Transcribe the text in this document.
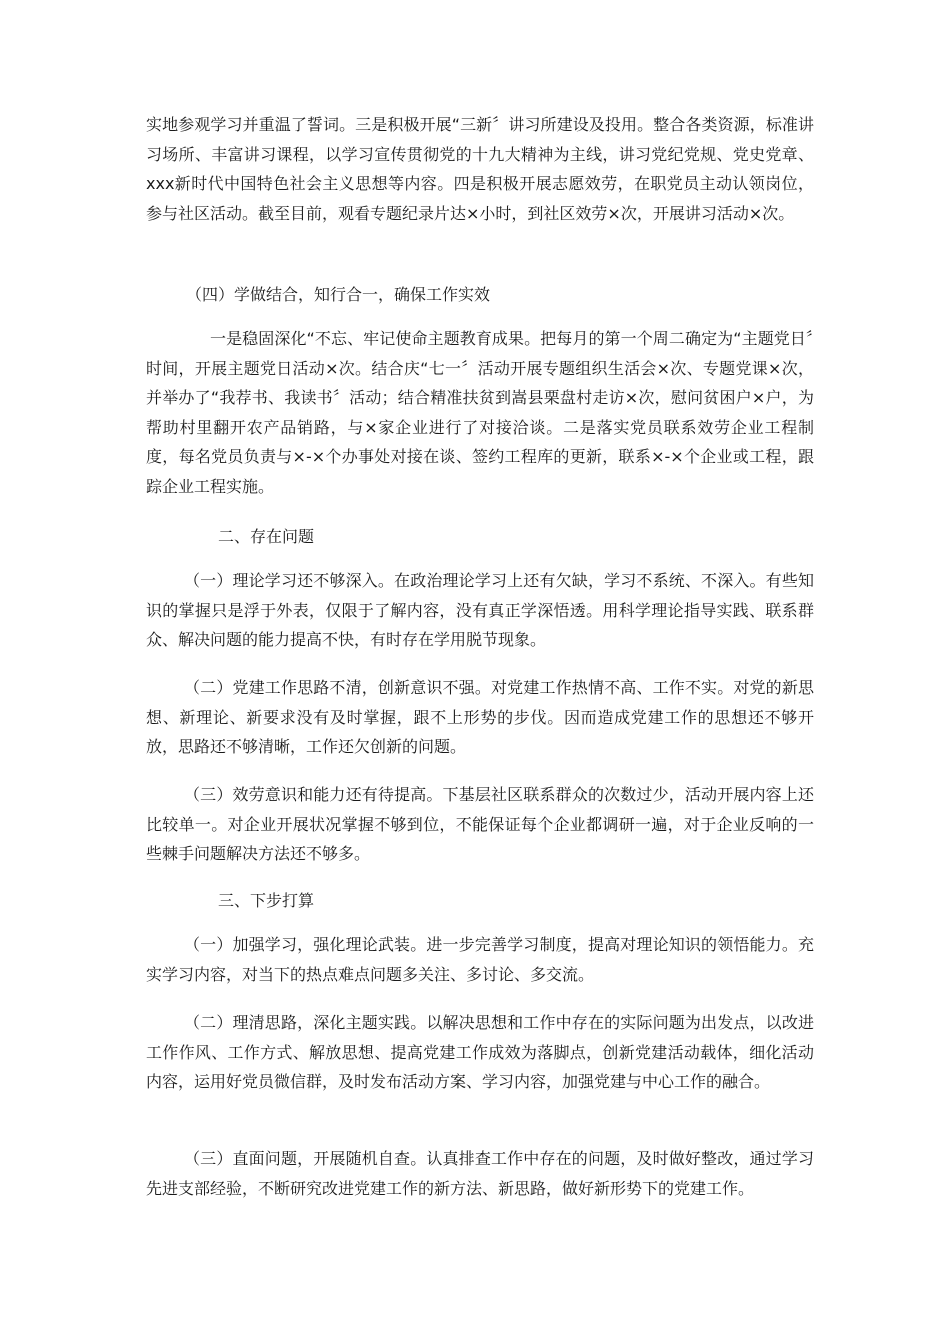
实地参观学习并重温了誓词。三是积极开展“三新〞讲习所建设及投用。整合各类资源，标准讲习场所、丰富讲习课程，以学习宣传贯彻党的十九大精神为主线，讲习党纪党规、党史党章、xxx新时代中国特色社会主义思想等内容。四是积极开展志愿效劳，在职党员主动认领岗位，参与社区活动。截至目前，观看专题纪录片达×小时，到社区效劳×次，开展讲习活动×次。

（四）学做结合，知行合一，确保工作实效

一是稳固深化“不忘、牢记使命主题教育成果。把每月的第一个周二确定为“主题党日〞时间，开展主题党日活动×次。结合庆“七一〞活动开展专题组织生活会×次、专题党课×次，并举办了“我荐书、我读书〞活动；结合精准扶贫到嵩县栗盘村走访×次，慰问贫困户×户，为帮助村里翻开农产品销路，与×家企业进行了对接洽谈。二是落实党员联系效劳企业工程制度，每名党员负责与×-×个办事处对接在谈、签约工程库的更新，联系×-×个企业或工程，跟踪企业工程实施。

二、存在问题

（一）理论学习还不够深入。在政治理论学习上还有欠缺，学习不系统、不深入。有些知识的掌握只是浮于外表，仅限于了解内容，没有真正学深悟透。用科学理论指导实践、联系群众、解决问题的能力提高不快，有时存在学用脱节现象。

（二）党建工作思路不清，创新意识不强。对党建工作热情不高、工作不实。对党的新思想、新理论、新要求没有及时掌握，跟不上形势的步伐。因而造成党建工作的思想还不够开放，思路还不够清晰，工作还欠创新的问题。

（三）效劳意识和能力还有待提高。下基层社区联系群众的次数过少，活动开展内容上还比较单一。对企业开展状况掌握不够到位，不能保证每个企业都调研一遍，对于企业反响的一些棘手问题解决方法还不够多。

三、下步打算

（一）加强学习，强化理论武装。进一步完善学习制度，提高对理论知识的领悟能力。充实学习内容，对当下的热点难点问题多关注、多讨论、多交流。

（二）理清思路，深化主题实践。以解决思想和工作中存在的实际问题为出发点，以改进工作作风、工作方式、解放思想、提高党建工作成效为落脚点，创新党建活动载体，细化活动内容，运用好党员微信群，及时发布活动方案、学习内容，加强党建与中心工作的融合。

（三）直面问题，开展随机自查。认真排查工作中存在的问题，及时做好整改，通过学习先进支部经验，不断研究改进党建工作的新方法、新思路，做好新形势下的党建工作。
